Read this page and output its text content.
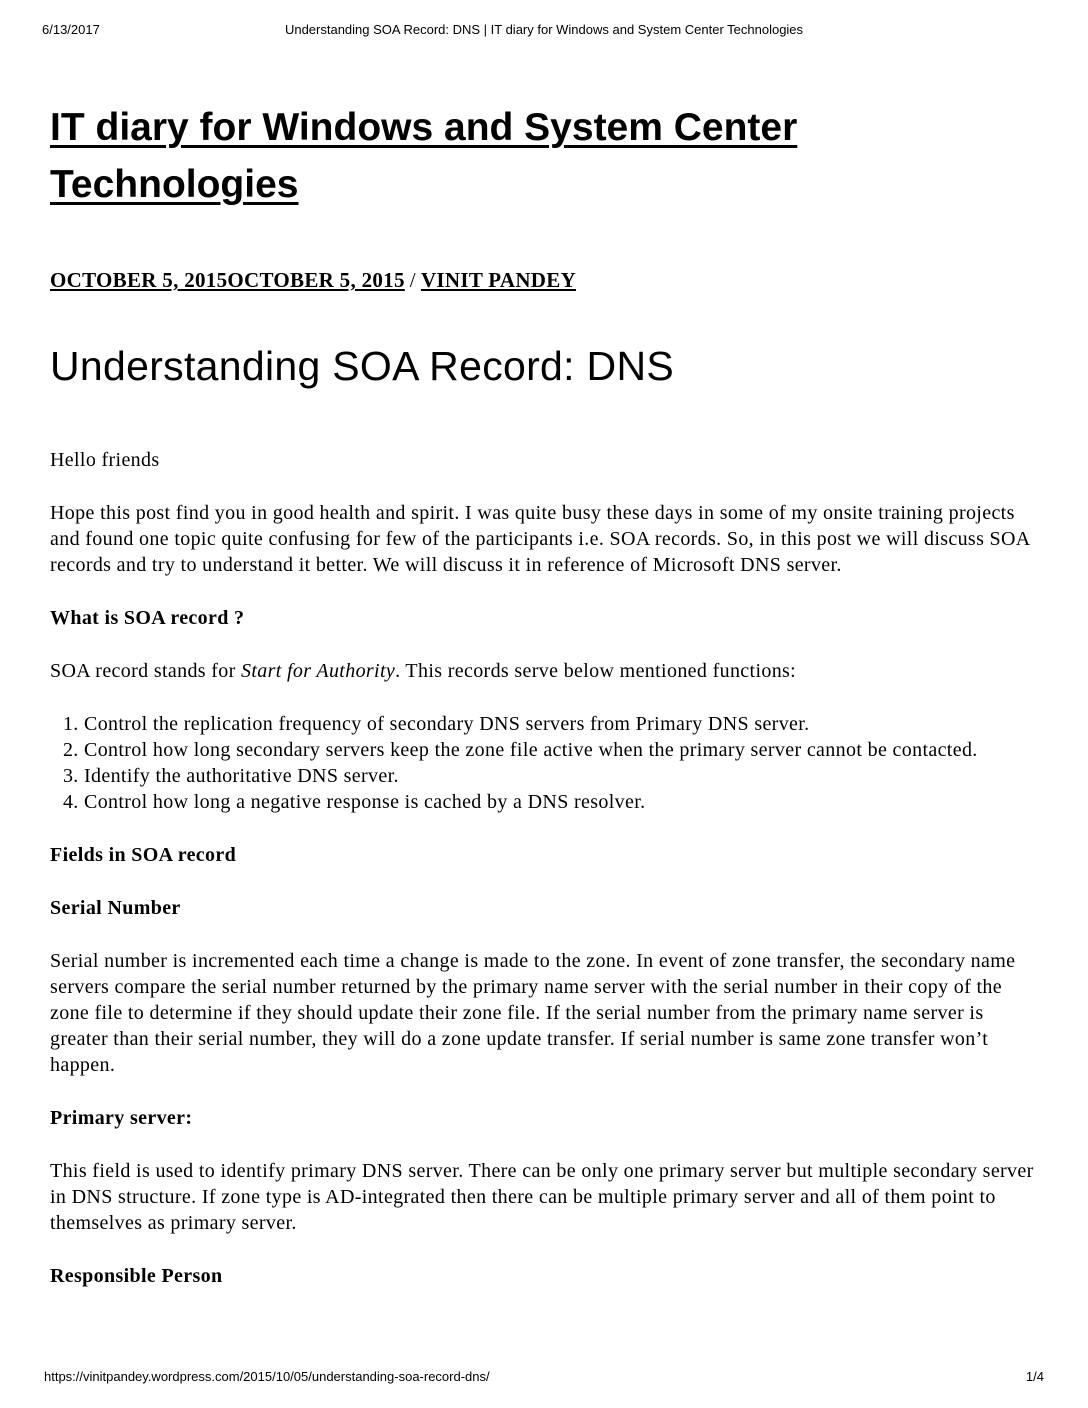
6/13/2017	Understanding SOA Record: DNS | IT diary for Windows and System Center Technologies
IT diary for Windows and System Center Technologies

OCTOBER 5, 2015OCTOBER 5, 2015 / VINIT PANDEY

Understanding SOA Record: DNS

Hello friends

Hope this post find you in good health and spirit. I was quite busy these days in some of my onsite training projects and found one topic quite confusing for few of the participants i.e. SOA records. So, in this post we will discuss SOA records and try to understand it better. We will discuss it in reference of Microsoft DNS server.

What is SOA record ?

SOA record stands for Start for Authority. This records serve below mentioned functions:

1. Control the replication frequency of secondary DNS servers from Primary DNS server.
2. Control how long secondary servers keep the zone file active when the primary server cannot be contacted.
3. Identify the authoritative DNS server.
4. Control how long a negative response is cached by a DNS resolver.
Fields in SOA record
Serial Number

Serial number is incremented each time a change is made to the zone. In event of zone transfer, the secondary name servers compare the serial number returned by the primary name server with the serial number in their copy of the zone file to determine if they should update their zone file. If the serial number from the primary name server is greater than their serial number, they will do a zone update transfer. If serial number is same zone transfer won’t happen.

Primary server:

This field is used to identify primary DNS server. There can be only one primary server but multiple secondary server in DNS structure. If zone type is AD-integrated then there can be multiple primary server and all of them point to themselves as primary server.

Responsible Person
https://vinitpandey.wordpress.com/2015/10/05/understanding-soa-record-dns/	1/4
